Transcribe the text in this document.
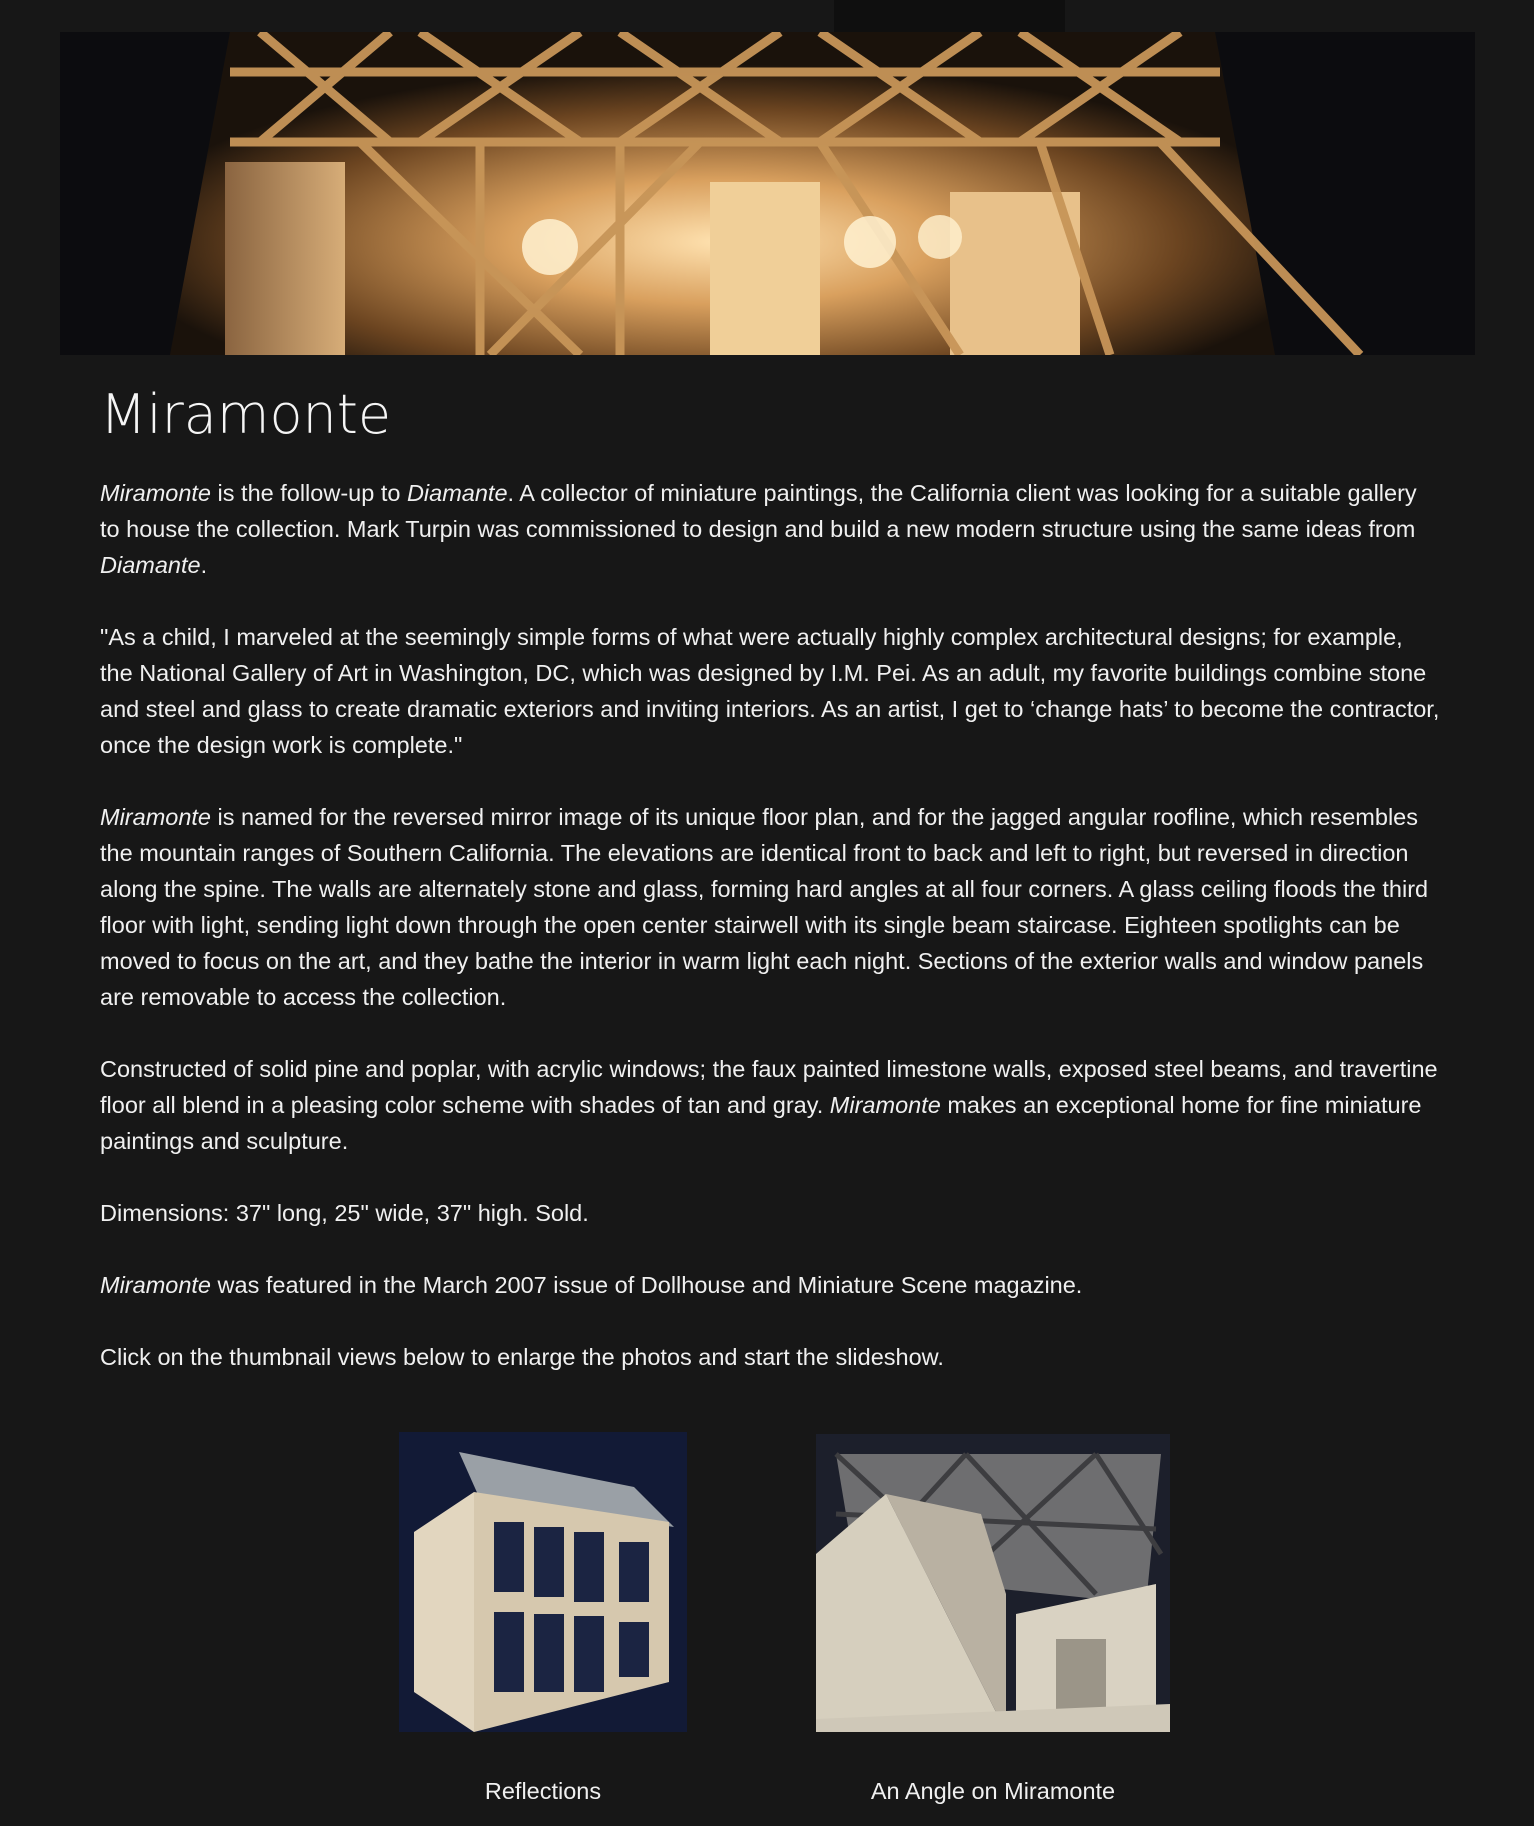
Miramonte

Miramonte is the follow-up to Diamante. A collector of miniature paintings, the California client was looking for a suitable gallery to house the collection. Mark Turpin was commissioned to design and build a new modern structure using the same ideas from Diamante.

"As a child, I marveled at the seemingly simple forms of what were actually highly complex architectural designs; for example, the National Gallery of Art in Washington, DC, which was designed by I.M. Pei. As an adult, my favorite buildings combine stone and steel and glass to create dramatic exteriors and inviting interiors. As an artist, I get to ‘change hats’ to become the contractor, once the design work is complete."

Miramonte is named for the reversed mirror image of its unique floor plan, and for the jagged angular roofline, which resembles the mountain ranges of Southern California. The elevations are identical front to back and left to right, but reversed in direction along the spine. The walls are alternately stone and glass, forming hard angles at all four corners. A glass ceiling floods the third floor with light, sending light down through the open center stairwell with its single beam staircase. Eighteen spotlights can be moved to focus on the art, and they bathe the interior in warm light each night. Sections of the exterior walls and window panels are removable to access the collection.

Constructed of solid pine and poplar, with acrylic windows; the faux painted limestone walls, exposed steel beams, and travertine floor all blend in a pleasing color scheme with shades of tan and gray. Miramonte makes an exceptional home for fine miniature paintings and sculpture.

Dimensions: 37" long, 25" wide, 37" high. Sold.

Miramonte was featured in the March 2007 issue of Dollhouse and Miniature Scene magazine.

Click on the thumbnail views below to enlarge the photos and start the slideshow.

Reflections	An Angle on Miramonte
